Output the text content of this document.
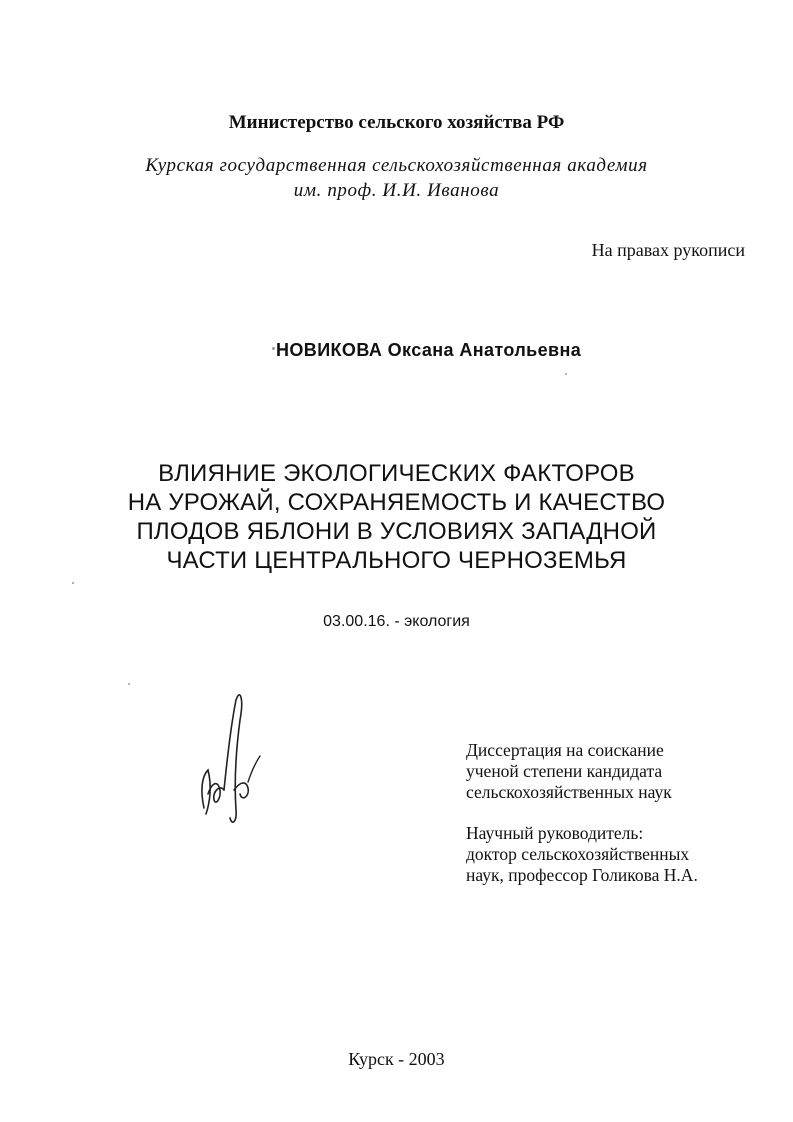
Министерство сельского хозяйства РФ
Курская государственная сельскохозяйственная академия
им. проф. И.И. Иванова
На правах рукописи
НОВИКОВА Оксана Анатольевна
ВЛИЯНИЕ ЭКОЛОГИЧЕСКИХ ФАКТОРОВ
НА УРОЖАЙ, СОХРАНЯЕМОСТЬ И КАЧЕСТВО
ПЛОДОВ ЯБЛОНИ В УСЛОВИЯХ ЗАПАДНОЙ
ЧАСТИ ЦЕНТРАЛЬНОГО ЧЕРНОЗЕМЬЯ
03.00.16. - экология
Диссертация на соискание
ученой степени кандидата
сельскохозяйственных наук
Научный руководитель:
доктор сельскохозяйственных
наук, профессор Голикова Н.А.
Курск - 2003
